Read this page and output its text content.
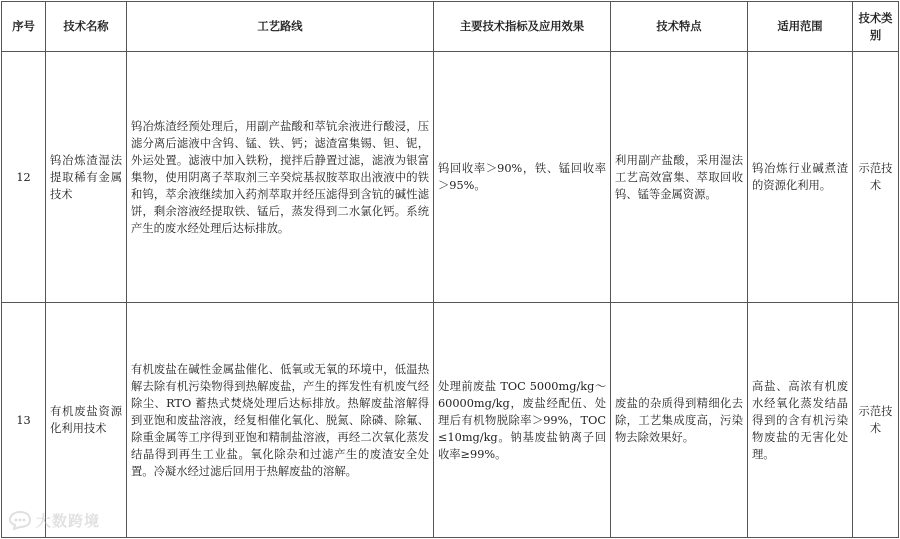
序号	技术名称	工艺路线	主要技术指标及应用效果	技术特点	适用范围	技术类别
12	钨冶炼渣湿法提取稀有金属技术	钨冶炼渣经预处理后，用副产盐酸和萃钪余液进行酸浸，压滤分离后滤液中含钨、锰、铁、钙；滤渣富集锡、钽、铌，外运处置。滤液中加入铁粉，搅拌后静置过滤，滤液为银富集物，使用阴离子萃取剂三辛癸烷基叔胺萃取出液液中的铁和钨，萃余液继续加入药剂萃取并经压滤得到含钪的碱性滤饼，剩余溶液经提取铁、锰后，蒸发得到二水氯化钙。系统产生的废水经处理后达标排放。	钨回收率＞90%，铁、锰回收率＞95%。	利用副产盐酸，采用湿法工艺高效富集、萃取回收钨、锰等金属资源。	钨冶炼行业碱煮渣的资源化利用。	示范技术
13	有机废盐资源化利用技术	有机废盐在碱性金属盐催化、低氧或无氧的环境中，低温热解去除有机污染物得到热解废盐，产生的挥发性有机废气经除尘、RTO 蓄热式焚烧处理后达标排放。热解废盐溶解得到亚饱和废盐溶液，经复相催化氧化、脱氮、除磷、除氟、除重金属等工序得到亚饱和精制盐溶液，再经二次氧化蒸发结晶得到再生工业盐。氧化除杂和过滤产生的废渣安全处置。冷凝水经过滤后回用于热解废盐的溶解。	处理前废盐 TOC 5000mg/kg～60000mg/kg，废盐经配伍、处理后有机物脱除率＞99%，TOC≤10mg/kg。钠基废盐钠离子回收率≥99%。	废盐的杂质得到精细化去除，工艺集成度高，污染物去除效果好。	高盐、高浓有机废水经氧化蒸发结晶得到的含有机污染物废盐的无害化处理。	示范技术
大数跨境
